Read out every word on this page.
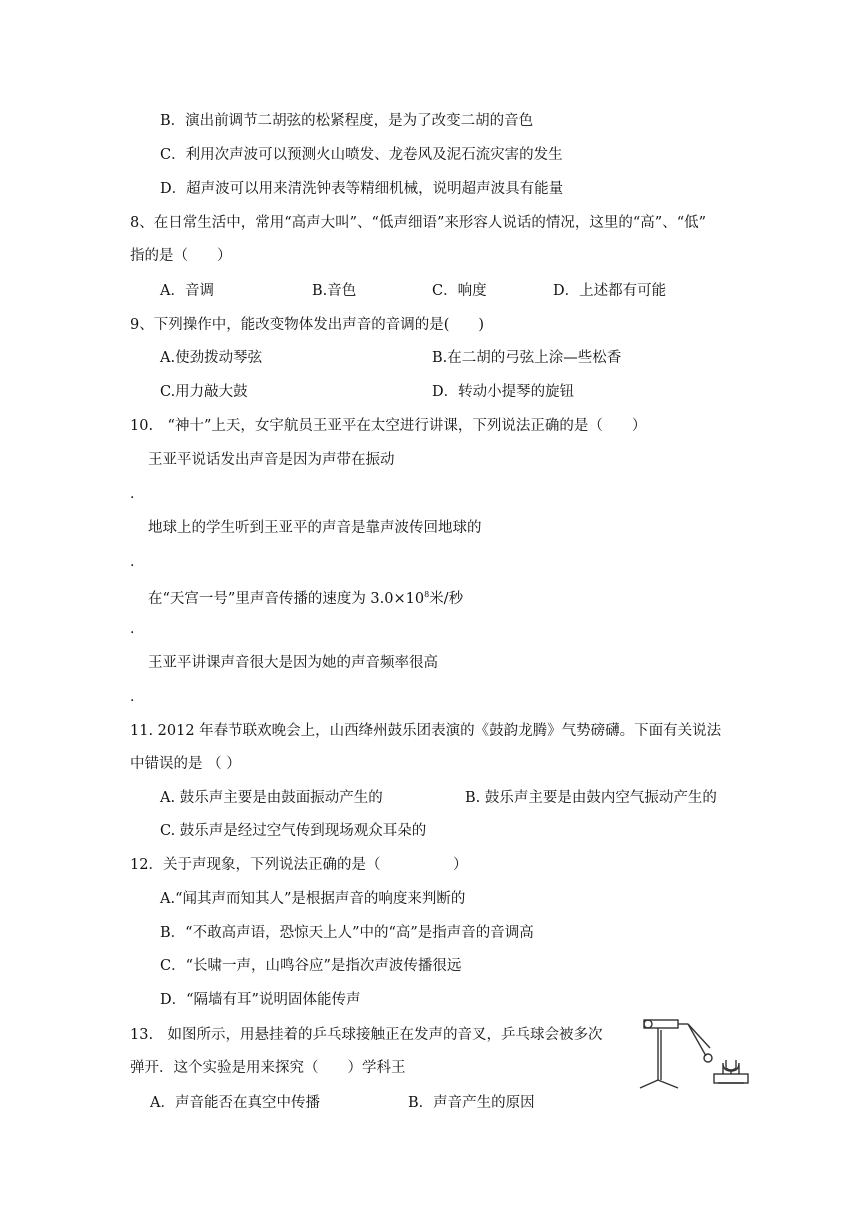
B．演出前调节二胡弦的松紧程度，是为了改变二胡的音色
C．利用次声波可以预测火山喷发、龙卷风及泥石流灾害的发生
D．超声波可以用来清洗钟表等精细机械，说明超声波具有能量
8、在日常生活中，常用“高声大叫”、“低声细语”来形容人说话的情况，这里的“高”、“低”
指的是（　　）
A．音调	B.音色	C．响度	D．上述都有可能
9、下列操作中，能改变物体发出声音的音调的是(　　)
A.使劲拨动琴弦	B.在二胡的弓弦上涂—些松香
C.用力敲大鼓	D．转动小提琴的旋钮
10.　“神十”上天，女宇航员王亚平在太空进行讲课，下列说法正确的是（　　）
王亚平说话发出声音是因为声带在振动
.
地球上的学生听到王亚平的声音是靠声波传回地球的
.
在“天宫一号”里声音传播的速度为 $3.0\times 10^8$米/秒
.
王亚平讲课声音很大是因为她的声音频率很高
.
11. 2012 年春节联欢晚会上，山西绛州鼓乐团表演的《鼓韵龙腾》气势磅礴。下面有关说法
中错误的是 （ ）
A. 鼓乐声主要是由鼓面振动产生的	B. 鼓乐声主要是由鼓内空气振动产生的
C. 鼓乐声是经过空气传到现场观众耳朵的
12．关于声现象，下列说法正确的是（　　　　　）
A.“闻其声而知其人”是根据声音的响度来判断的
B．“不敢高声语，恐惊天上人”中的“高”是指声音的音调高
C．“长啸一声，山鸣谷应”是指次声波传播很远
D．“隔墙有耳”说明固体能传声
13.　如图所示，用悬挂着的乒乓球接触正在发声的音叉，乒乓球会被多次
弹开．这个实验是用来探究（　　）学科王
A．声音能否在真空中传播	B．声音产生的原因
